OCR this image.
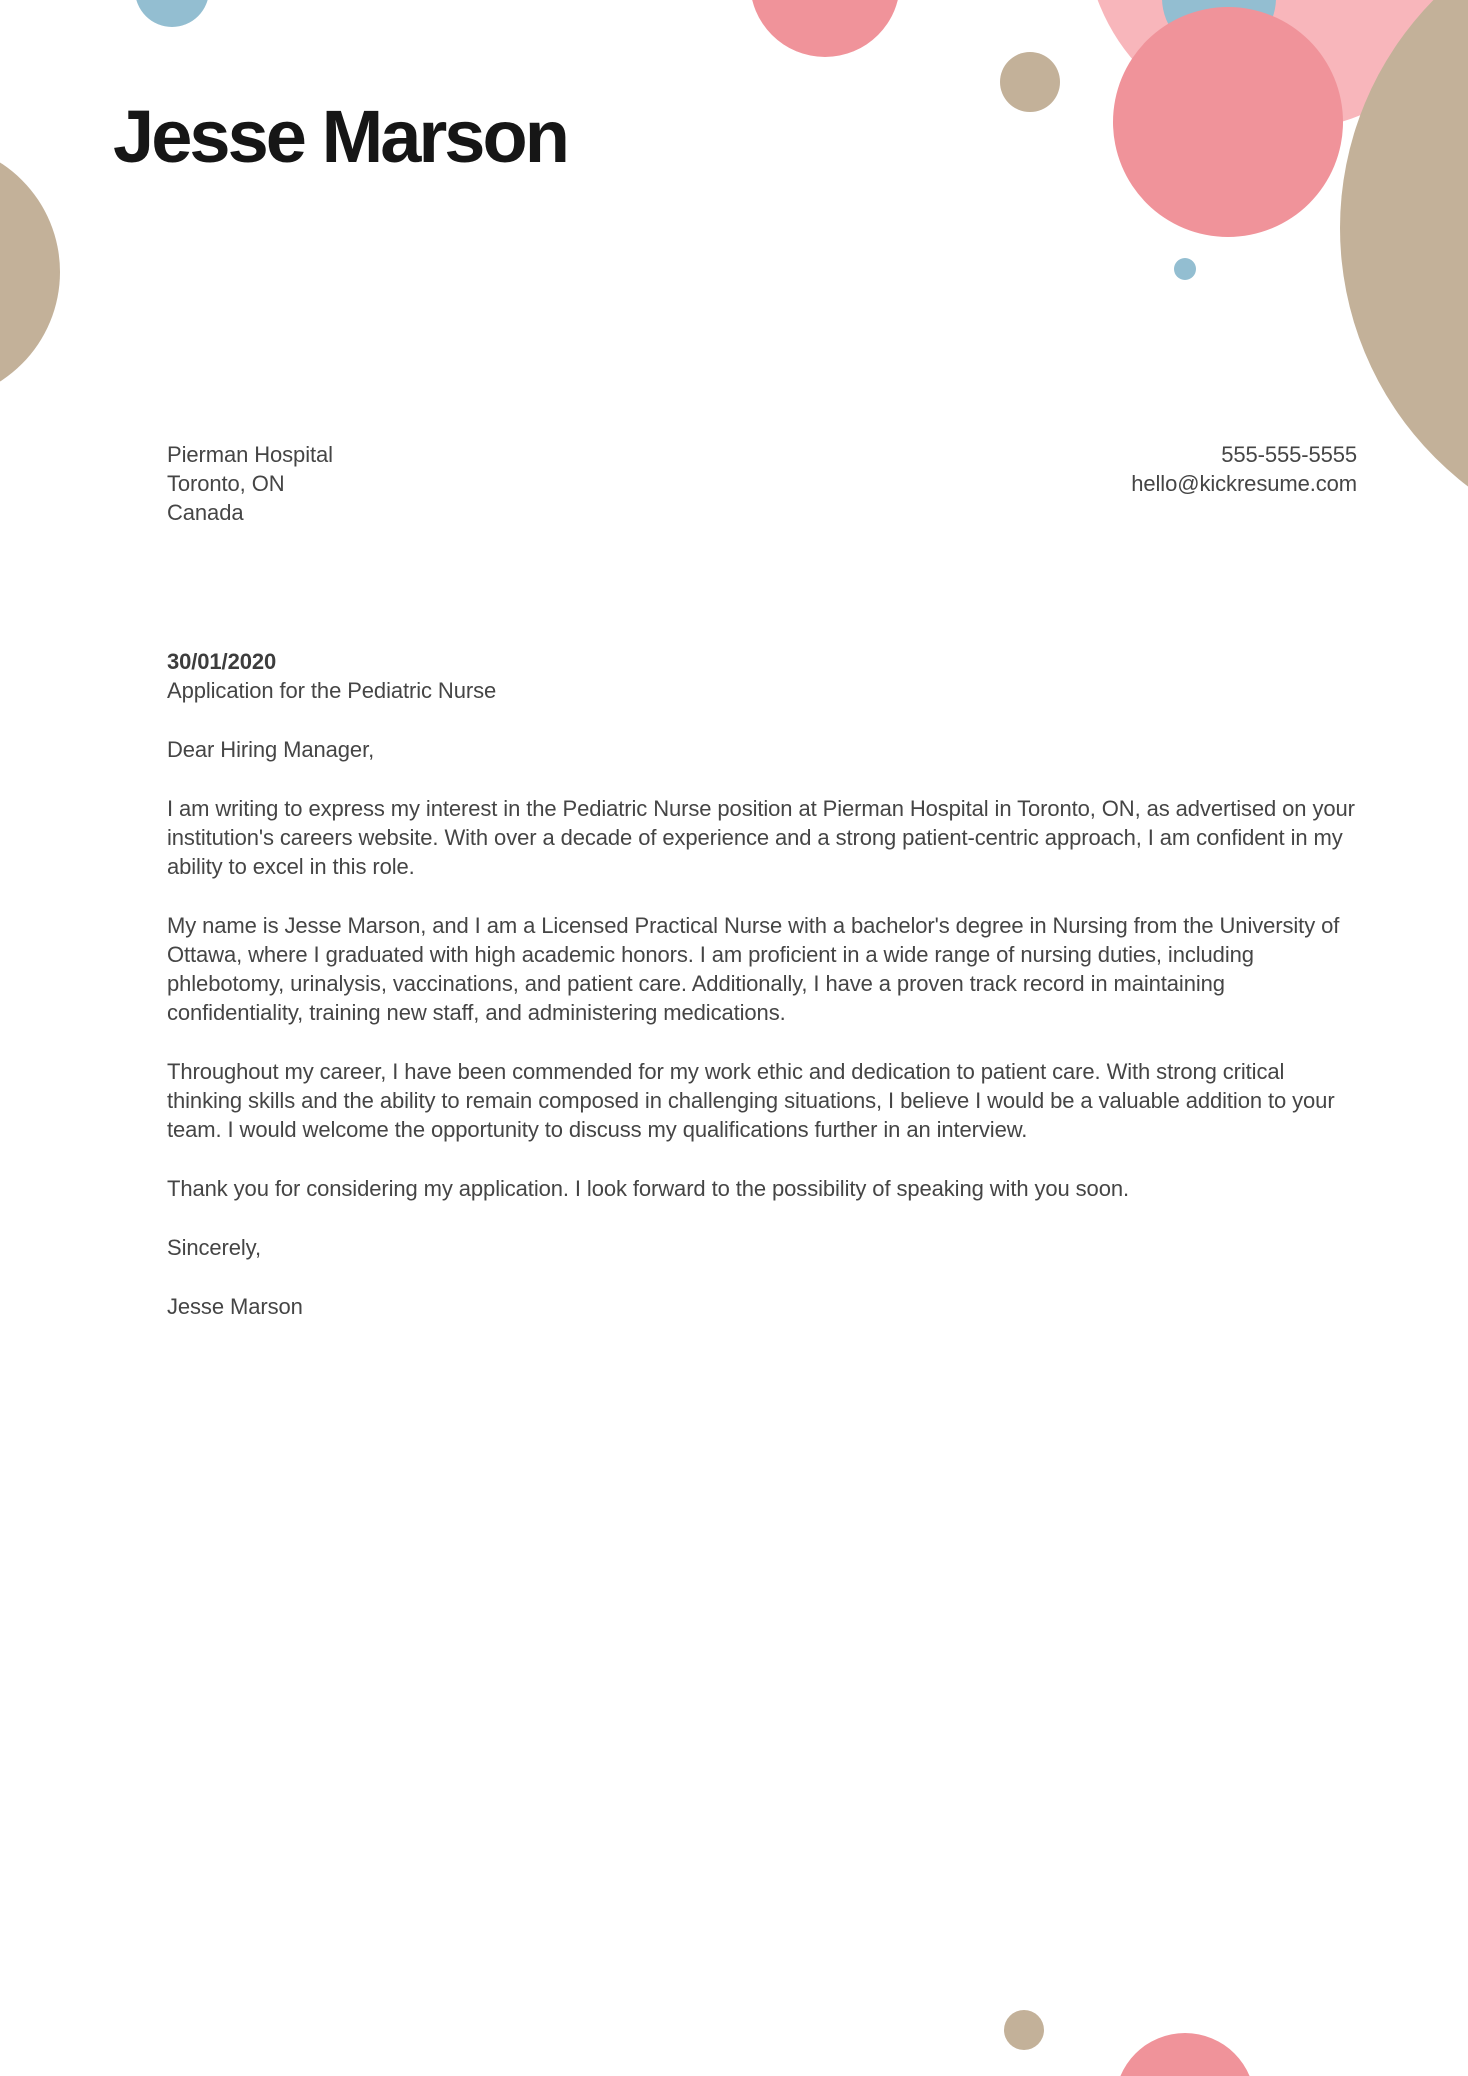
Jesse Marson
Pierman Hospital
Toronto, ON
Canada
555-555-5555
hello@kickresume.com
30/01/2020
Application for the Pediatric Nurse

Dear Hiring Manager,

I am writing to express my interest in the Pediatric Nurse position at Pierman Hospital in Toronto, ON, as advertised on your institution's careers website. With over a decade of experience and a strong patient-centric approach, I am confident in my ability to excel in this role.

My name is Jesse Marson, and I am a Licensed Practical Nurse with a bachelor's degree in Nursing from the University of Ottawa, where I graduated with high academic honors. I am proficient in a wide range of nursing duties, including phlebotomy, urinalysis, vaccinations, and patient care. Additionally, I have a proven track record in maintaining confidentiality, training new staff, and administering medications.

Throughout my career, I have been commended for my work ethic and dedication to patient care. With strong critical thinking skills and the ability to remain composed in challenging situations, I believe I would be a valuable addition to your team. I would welcome the opportunity to discuss my qualifications further in an interview.

Thank you for considering my application. I look forward to the possibility of speaking with you soon.

Sincerely,

Jesse Marson
